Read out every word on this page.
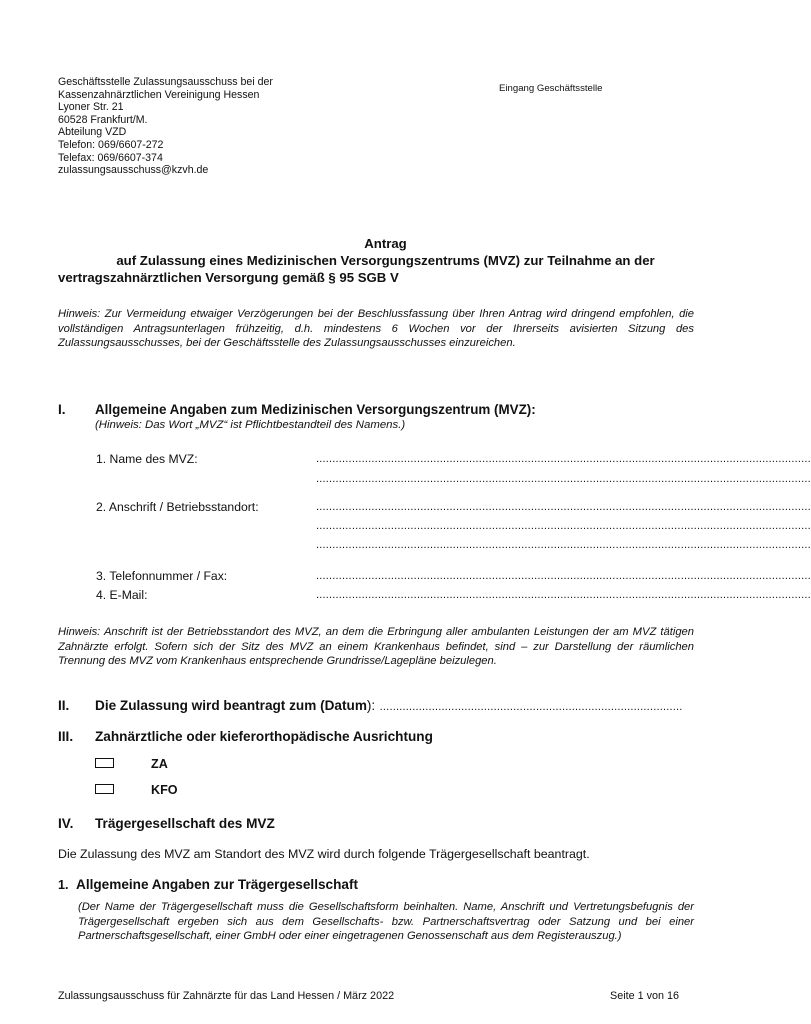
Geschäftsstelle Zulassungsausschuss bei der
Kassenzahnärztlichen Vereinigung Hessen
Lyoner Str. 21
60528 Frankfurt/M.
Abteilung VZD
Telefon: 069/6607-272
Telefax: 069/6607-374
zulassungsausschuss@kzvh.de
Eingang Geschäftsstelle
Antrag
auf Zulassung eines Medizinischen Versorgungszentrums (MVZ) zur Teilnahme an der
vertragszahnärztlichen Versorgung gemäß § 95 SGB V
Hinweis: Zur Vermeidung etwaiger Verzögerungen bei der Beschlussfassung über Ihren Antrag wird dringend empfohlen, die vollständigen Antragsunterlagen frühzeitig, d.h. mindestens 6 Wochen vor der Ihrerseits avisierten Sitzung des Zulassungsausschusses, bei der Geschäftsstelle des Zulassungsausschusses einzureichen.
I. Allgemeine Angaben zum Medizinischen Versorgungszentrum (MVZ):
(Hinweis: Das Wort „MVZ“ ist Pflichtbestandteil des Namens.)
1. Name des MVZ:	........................................................................................................................................................
........................................................................................................................................................
2. Anschrift / Betriebsstandort:	........................................................................................................................................................
........................................................................................................................................................
........................................................................................................................................................
3. Telefonnummer / Fax:	........................................................................................................................................................
4. E-Mail:	........................................................................................................................................................
Hinweis: Anschrift ist der Betriebsstandort des MVZ, an dem die Erbringung aller ambulanten Leistungen der am MVZ tätigen Zahnärzte erfolgt. Sofern sich der Sitz des MVZ an einem Krankenhaus befindet, sind – zur Darstellung der räumlichen Trennung des MVZ vom Krankenhaus entsprechende Grundrisse/Lagepläne beizulegen.
II. Die Zulassung wird beantragt zum (Datum): .............................................................................................
III. Zahnärztliche oder kieferorthopädische Ausrichtung
ZA
KFO
IV. Trägergesellschaft des MVZ
Die Zulassung des MVZ am Standort des MVZ wird durch folgende Trägergesellschaft beantragt.
1. Allgemeine Angaben zur Trägergesellschaft
(Der Name der Trägergesellschaft muss die Gesellschaftsform beinhalten. Name, Anschrift und Vertretungsbefugnis der Trägergesellschaft ergeben sich aus dem Gesellschafts- bzw. Partnerschaftsvertrag oder Satzung und bei einer Partnerschaftsgesellschaft, einer GmbH oder einer eingetragenen Genossenschaft aus dem Registerauszug.)
Zulassungsausschuss für Zahnärzte für das Land Hessen / März 2022	Seite 1 von 16
